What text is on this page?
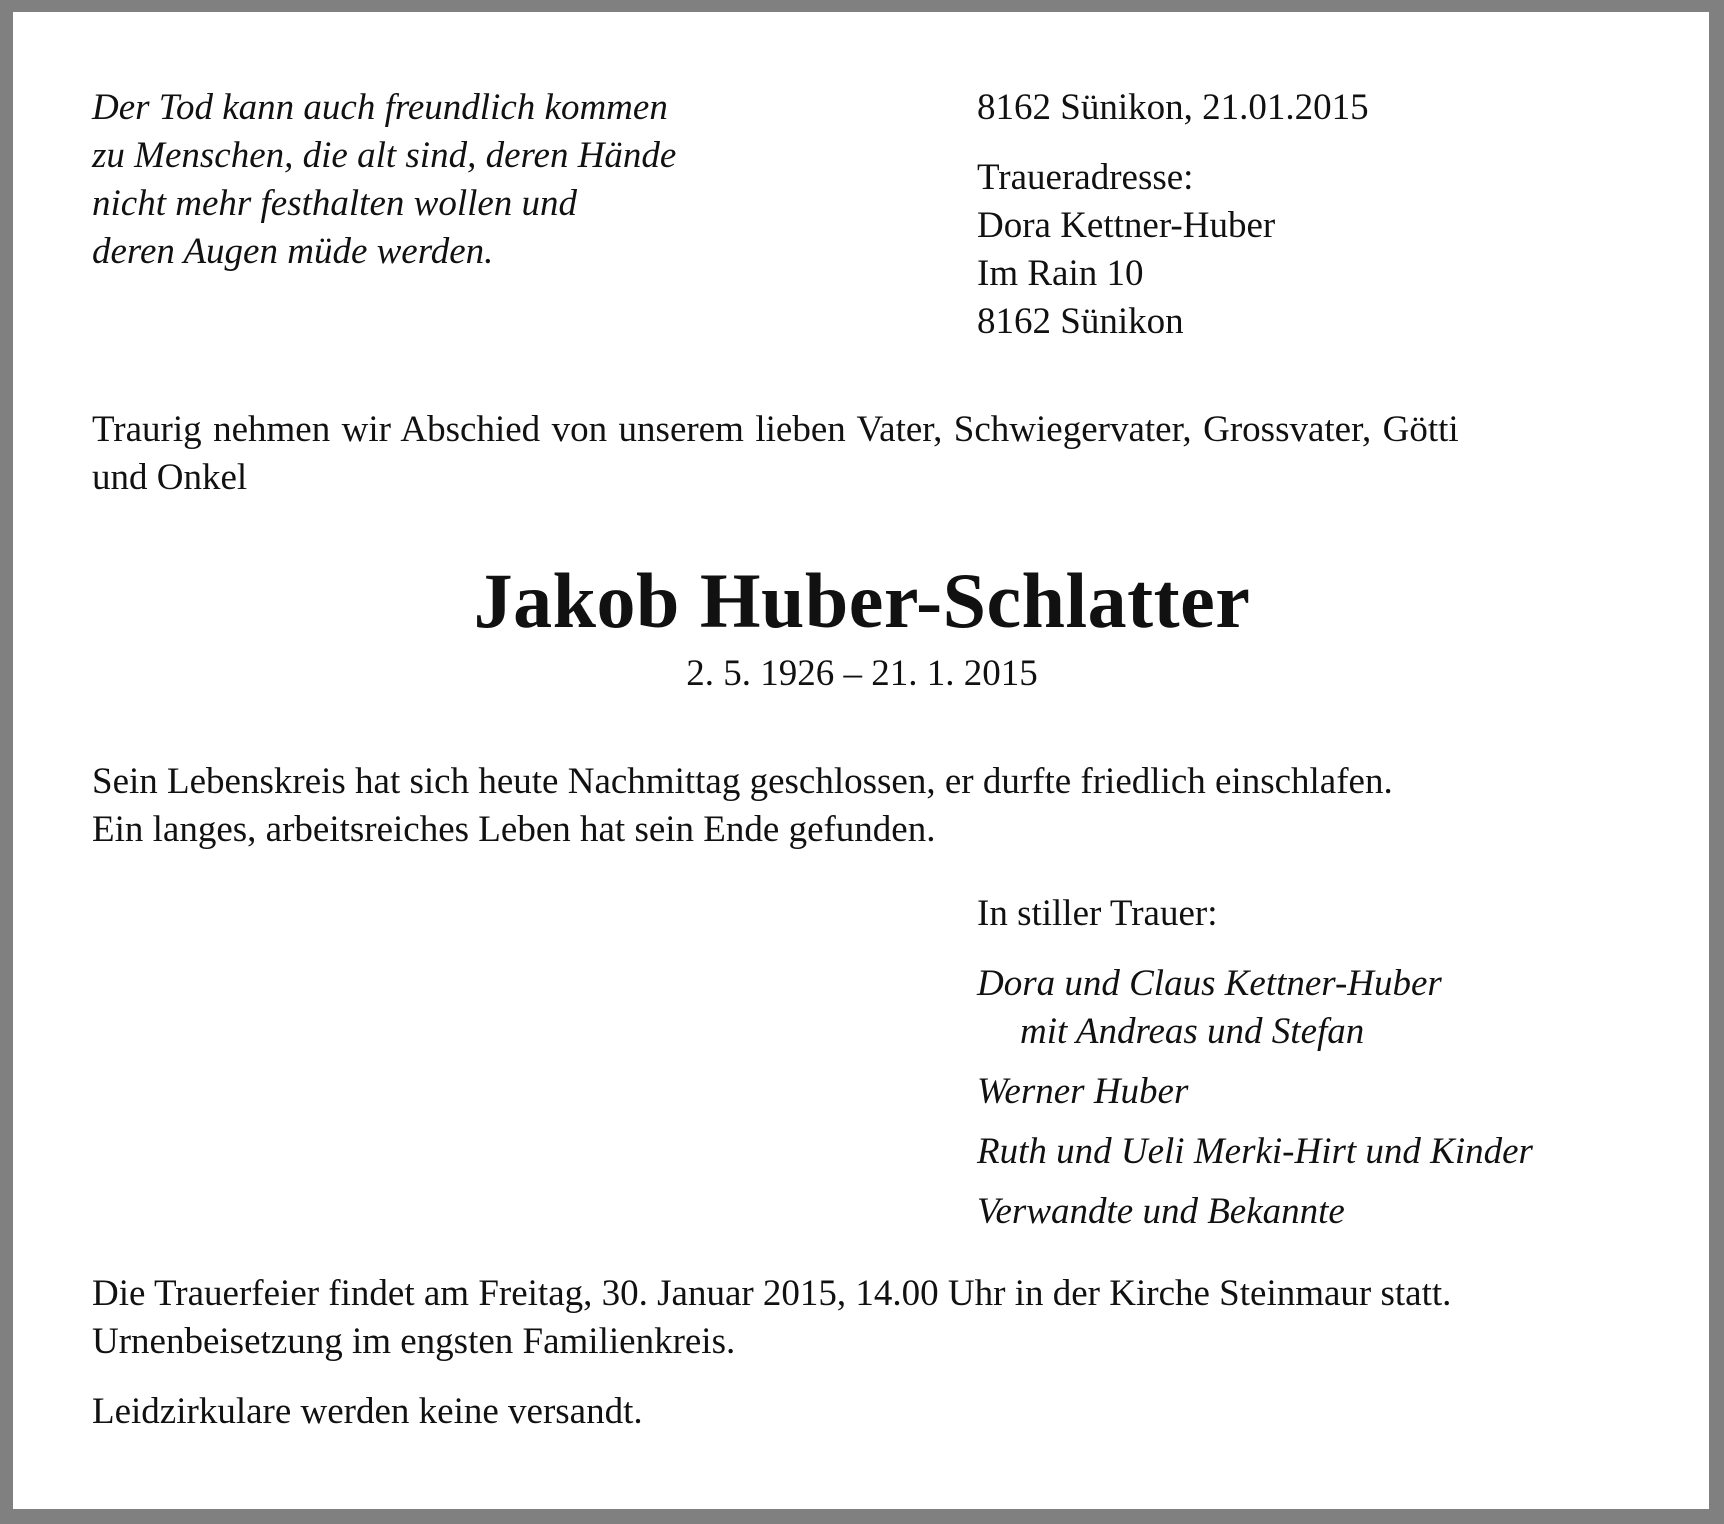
Der Tod kann auch freundlich kommen

zu Menschen, die alt sind, deren Hände

nicht mehr festhalten wollen und

deren Augen müde werden.

8162 Sünikon, 21.01.2015

Traueradresse:

Dora Kettner-Huber

Im Rain 10

8162 Sünikon

Traurig nehmen wir Abschied von unserem lieben Vater, Schwiegervater, Grossvater, Götti

und Onkel

Jakob Huber-Schlatter

2. 5. 1926 – 21. 1. 2015

Sein Lebenskreis hat sich heute Nachmittag geschlossen, er durfte friedlich einschlafen.

Ein langes, arbeitsreiches Leben hat sein Ende gefunden.

In stiller Trauer:

Dora und Claus Kettner-Huber

mit Andreas und Stefan

Werner Huber

Ruth und Ueli Merki-Hirt und Kinder

Verwandte und Bekannte

Die Trauerfeier findet am Freitag, 30. Januar 2015, 14.00 Uhr in der Kirche Steinmaur statt.

Urnenbeisetzung im engsten Familienkreis.

Leidzirkulare werden keine versandt.
